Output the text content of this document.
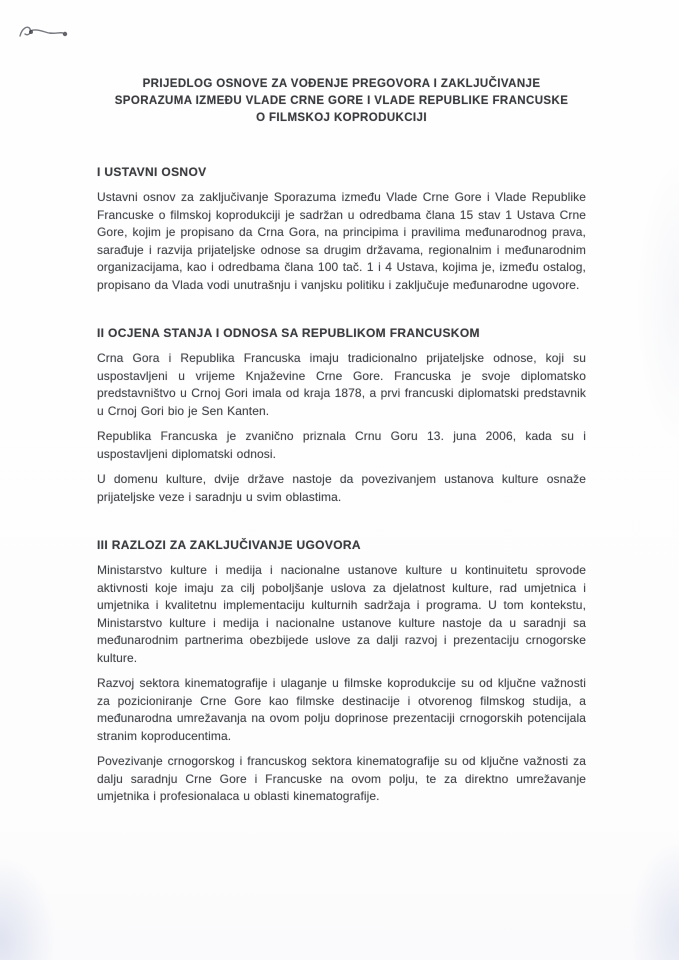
PRIJEDLOG OSNOVE ZA VOĐENJE PREGOVORA I ZAKLJUČIVANJE
SPORAZUMA IZMEĐU VLADE CRNE GORE I VLADE REPUBLIKE FRANCUSKE
O FILMSKOJ KOPRODUKCIJI
I USTAVNI OSNOV

Ustavni osnov za zaključivanje Sporazuma između Vlade Crne Gore i Vlade Republike Francuske o filmskoj koprodukciji je sadržan u odredbama člana 15 stav 1 Ustava Crne Gore, kojim je propisano da Crna Gora, na principima i pravilima međunarodnog prava, sarađuje i razvija prijateljske odnose sa drugim državama, regionalnim i međunarodnim organizacijama, kao i odredbama člana 100 tač. 1 i 4 Ustava, kojima je, između ostalog, propisano da Vlada vodi unutrašnju i vanjsku politiku i zaključuje međunarodne ugovore.

II OCJENA STANJA I ODNOSA SA REPUBLIKOM FRANCUSKOM

Crna Gora i Republika Francuska imaju tradicionalno prijateljske odnose, koji su uspostavljeni u vrijeme Knjaževine Crne Gore. Francuska je svoje diplomatsko predstavništvo u Crnoj Gori imala od kraja 1878, a prvi francuski diplomatski predstavnik u Crnoj Gori bio je Sen Kanten.

Republika Francuska je zvanično priznala Crnu Goru 13. juna 2006, kada su i uspostavljeni diplomatski odnosi.

U domenu kulture, dvije države nastoje da povezivanjem ustanova kulture osnaže prijateljske veze i saradnju u svim oblastima.

III RAZLOZI ZA ZAKLJUČIVANJE UGOVORA

Ministarstvo kulture i medija i nacionalne ustanove kulture u kontinuitetu sprovode aktivnosti koje imaju za cilj poboljšanje uslova za djelatnost kulture, rad umjetnica i umjetnika i kvalitetnu implementaciju kulturnih sadržaja i programa. U tom kontekstu, Ministarstvo kulture i medija i nacionalne ustanove kulture nastoje da u saradnji sa međunarodnim partnerima obezbijede uslove za dalji razvoj i prezentaciju crnogorske kulture.

Razvoj sektora kinematografije i ulaganje u filmske koprodukcije su od ključne važnosti za pozicioniranje Crne Gore kao filmske destinacije i otvorenog filmskog studija, a međunarodna umrežavanja na ovom polju doprinose prezentaciji crnogorskih potencijala stranim koproducentima.

Povezivanje crnogorskog i francuskog sektora kinematografije su od ključne važnosti za dalju saradnju Crne Gore i Francuske na ovom polju, te za direktno umrežavanje umjetnika i profesionalaca u oblasti kinematografije.
